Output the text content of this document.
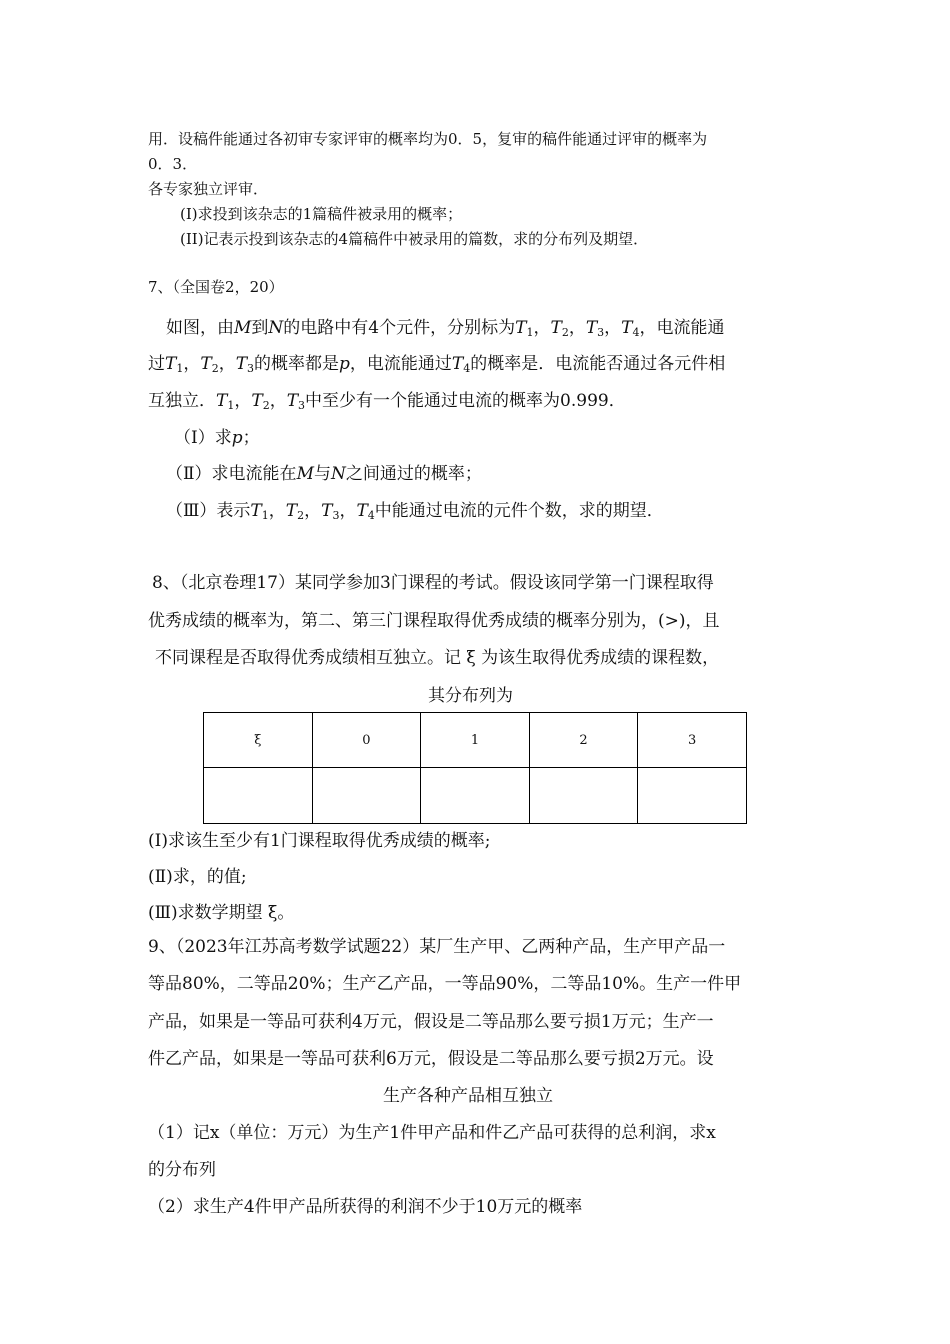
用．设稿件能通过各初审专家评审的概率均为0．5，复审的稿件能通过评审的概率为
0．3．
各专家独立评审．
(I)求投到该杂志的1篇稿件被录用的概率；
(II)记表示投到该杂志的4篇稿件中被录用的篇数，求的分布列及期望．
7、（全国卷2，20）
如图，由M到N的电路中有4个元件，分别标为$T_1$，$T_2$，$T_3$，$T_4$，电流能通
过$T_1$，$T_2$，$T_3$的概率都是p，电流能通过$T_4$的概率是．电流能否通过各元件相
互独立．$T_1$，$T_2$，$T_3$中至少有一个能通过电流的概率为0.999．
（Ⅰ）求p；
（Ⅱ）求电流能在M与N之间通过的概率；
（Ⅲ）表示$T_1$，$T_2$，$T_3$，$T_4$中能通过电流的元件个数，求的期望．
8、（北京卷理17）某同学参加3门课程的考试。假设该同学第一门课程取得
优秀成绩的概率为，第二、第三门课程取得优秀成绩的概率分别为，(>)，且
不同课程是否取得优秀成绩相互独立。记 ξ 为该生取得优秀成绩的课程数，
其分布列为
ξ	0	1	2	3

(Ⅰ)求该生至少有1门课程取得优秀成绩的概率;
(Ⅱ)求，的值;
(Ⅲ)求数学期望 ξ。
9、（2023年江苏高考数学试题22）某厂生产甲、乙两种产品，生产甲产品一
等品80%，二等品20%；生产乙产品，一等品90%，二等品10%。生产一件甲
产品，如果是一等品可获利4万元，假设是二等品那么要亏损1万元；生产一
件乙产品，如果是一等品可获利6万元，假设是二等品那么要亏损2万元。设
生产各种产品相互独立
（1）记x（单位：万元）为生产1件甲产品和件乙产品可获得的总利润，求x
的分布列
（2）求生产4件甲产品所获得的利润不少于10万元的概率
